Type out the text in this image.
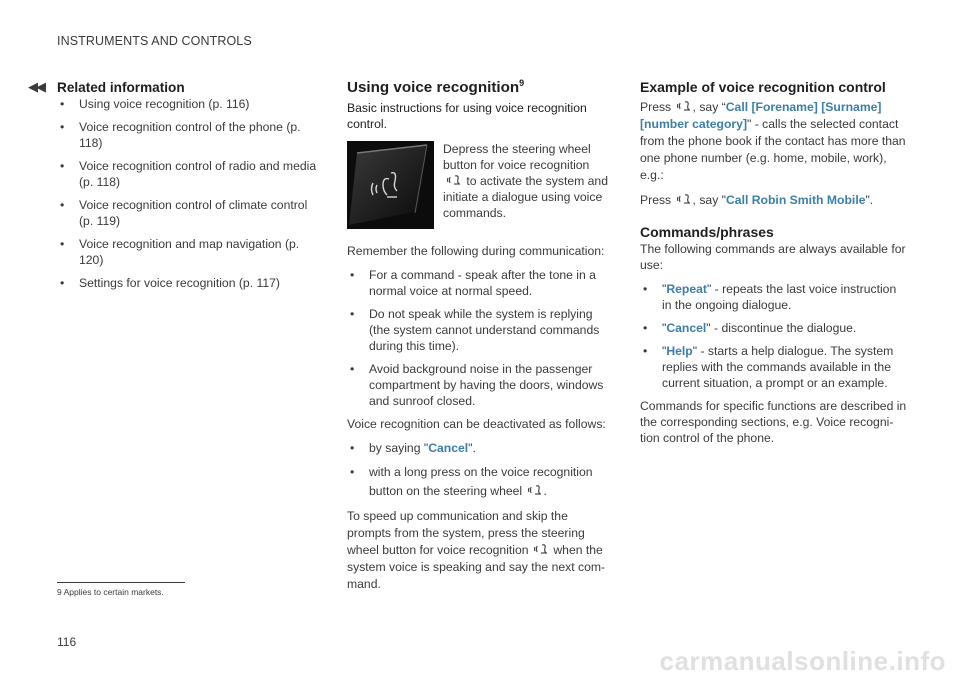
INSTRUMENTS AND CONTROLS
◀◀ Related information
• Using voice recognition (p. 116)
• Voice recognition control of the phone (p. 118)
• Voice recognition control of radio and media (p. 118)
• Voice recognition control of climate control (p. 119)
• Voice recognition and map navigation (p. 120)
• Settings for voice recognition (p. 117)
Using voice recognition$^9$

Basic instructions for using voice recognition control.

Depress the steering wheel button for voice recognition
to activate the system and initiate a dialogue using voice commands.

Remember the following during communication:

• For a command - speak after the tone in a normal voice at normal speed.
• Do not speak while the system is replying (the system cannot understand commands during this time).
• Avoid background noise in the passenger compartment by having the doors, windows and sunroof closed.

Voice recognition can be deactivated as follows:

• by saying "Cancel".
• with a long press on the voice recognition button on the steering wheel .

To speed up communication and skip the prompts from the system, press the steering wheel button for voice recognition when the system voice is speaking and say the next com-mand.

Example of voice recognition control

Press , say “Call [Forename] [Surname] [number category]" - calls the selected contact from the phone book if the contact has more than one phone number (e.g. home, mobile, work), e.g.:

Press , say "Call Robin Smith Mobile".

Commands/phrases

The following commands are always available for use:

• "Repeat" - repeats the last voice instruction in the ongoing dialogue.
• "Cancel" - discontinue the dialogue.
• "Help" - starts a help dialogue. The system replies with the commands available in the current situation, a prompt or an example.

Commands for specific functions are described in the corresponding sections, e.g. Voice recogni-tion control of the phone.

9 Applies to certain markets.
116
carmanualsonline.info
